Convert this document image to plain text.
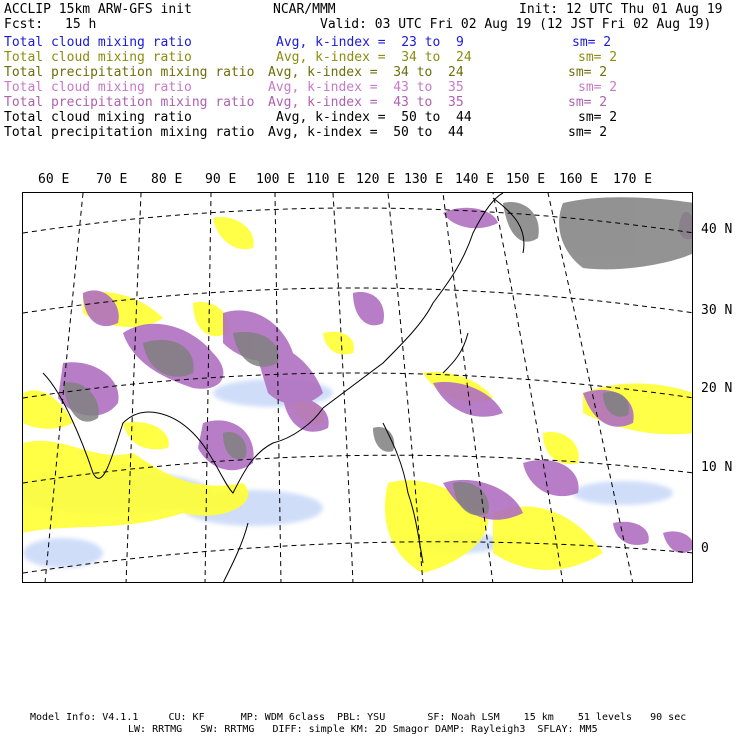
ACCLIP 15km ARW-GFS init	NCAR/MMM	Init: 12 UTC Thu 01 Aug 19
Fcst: 15 h	Valid: 03 UTC Fri 02 Aug 19 (12 JST Fri 02 Aug 19)
Total cloud mixing ratio	Avg, k-index =  23 to  9	sm= 2
Total cloud mixing ratio	Avg, k-index =  34 to  24	sm= 2
Total precipitation mixing ratio Avg, k-index =  34 to  24	sm= 2
Total cloud mixing ratio	Avg, k-index =  43 to  35	sm= 2
Total precipitation mixing ratio Avg, k-index =  43 to  35	sm= 2
Total cloud mixing ratio	Avg, k-index =  50 to  44	sm= 2
Total precipitation mixing ratio Avg, k-index =  50 to  44	sm= 2
60 E 70 E 80 E 90 E 100 E 110 E 120 E 130 E 140 E 150 E 160 E 170 E
40 N
30 N
20 N
10 N
0
Model Info: V4.1.1     CU: KF      MP: WDM 6class  PBL: YSU       SF: Noah LSM    15 km    51 levels   90 sec
LW: RRTMG   SW: RRTMG   DIFF: simple KM: 2D Smagor DAMP: Rayleigh3  SFLAY: MM5
